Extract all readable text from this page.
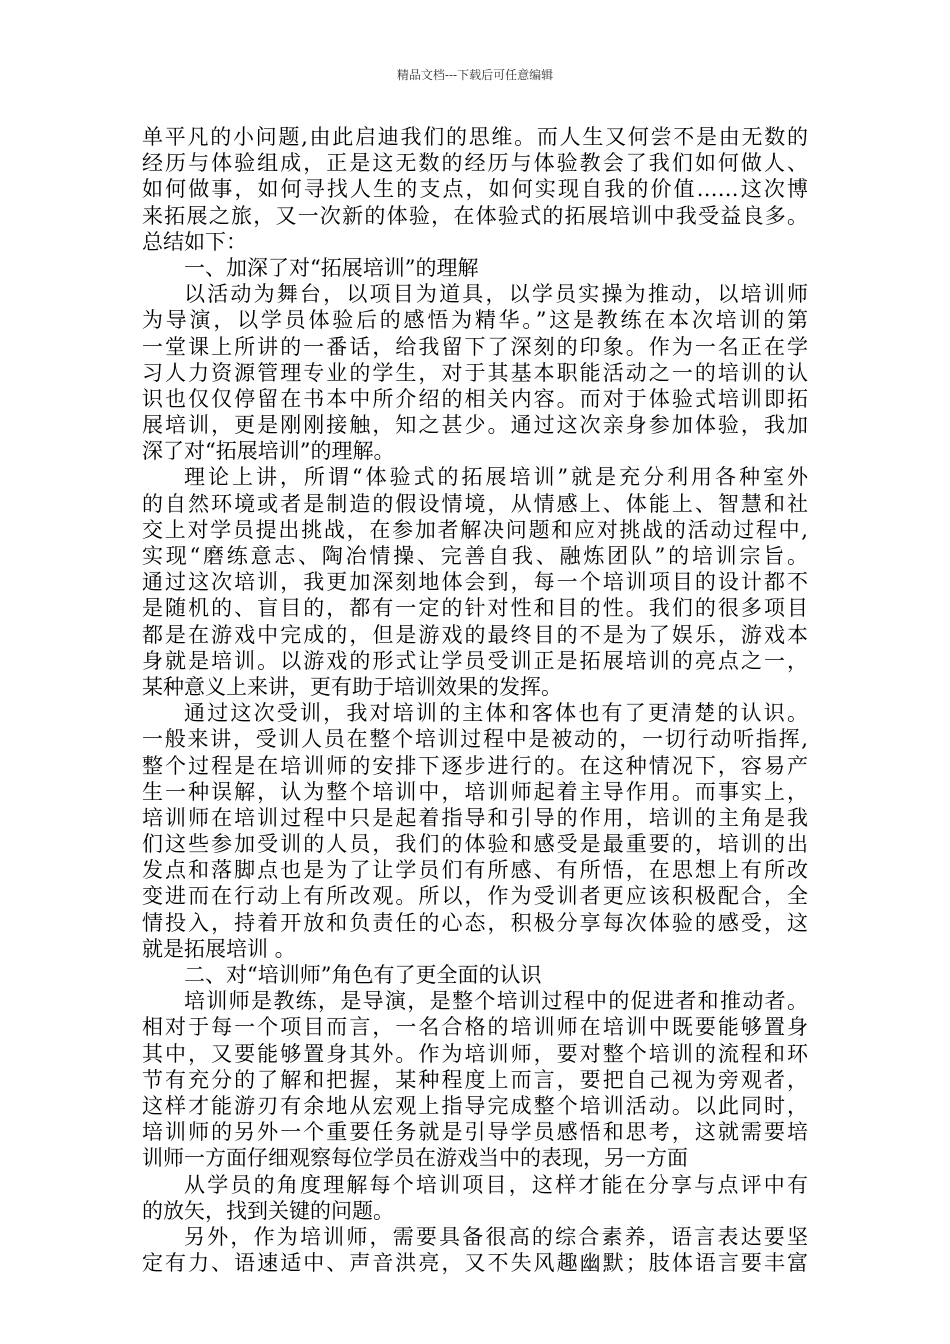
精品文档---下载后可任意编辑
单平凡的小问题,由此启迪我们的思维。而人生又何尝不是由无数的
经历与体验组成，正是这无数的经历与体验教会了我们如何做人、
如何做事，如何寻找人生的支点，如何实现自我的价值……这次博
来拓展之旅，又一次新的体验，在体验式的拓展培训中我受益良多。
总结如下：
一、加深了对“拓展培训”的理解
以活动为舞台，以项目为道具，以学员实操为推动，以培训师
为导演，以学员体验后的感悟为精华。”这是教练在本次培训的第
一堂课上所讲的一番话，给我留下了深刻的印象。作为一名正在学
习人力资源管理专业的学生，对于其基本职能活动之一的培训的认
识也仅仅停留在书本中所介绍的相关内容。而对于体验式培训即拓
展培训，更是刚刚接触，知之甚少。通过这次亲身参加体验，我加
深了对“拓展培训”的理解。
理论上讲，所谓“体验式的拓展培训”就是充分利用各种室外
的自然环境或者是制造的假设情境，从情感上、体能上、智慧和社
交上对学员提出挑战，在参加者解决问题和应对挑战的活动过程中,
实现“磨练意志、陶冶情操、完善自我、融炼团队”的培训宗旨。
通过这次培训，我更加深刻地体会到，每一个培训项目的设计都不
是随机的、盲目的，都有一定的针对性和目的性。我们的很多项目
都是在游戏中完成的，但是游戏的最终目的不是为了娱乐，游戏本
身就是培训。以游戏的形式让学员受训正是拓展培训的亮点之一，
某种意义上来讲，更有助于培训效果的发挥。
通过这次受训，我对培训的主体和客体也有了更清楚的认识。
一般来讲，受训人员在整个培训过程中是被动的，一切行动听指挥,
整个过程是在培训师的安排下逐步进行的。在这种情况下，容易产
生一种误解，认为整个培训中，培训师起着主导作用。而事实上，
培训师在培训过程中只是起着指导和引导的作用，培训的主角是我
们这些参加受训的人员，我们的体验和感受是最重要的，培训的出
发点和落脚点也是为了让学员们有所感、有所悟，在思想上有所改
变进而在行动上有所改观。所以，作为受训者更应该积极配合，全
情投入，持着开放和负责任的心态，积极分享每次体验的感受，这
就是拓展培训 。
二、对“培训师”角色有了更全面的认识
培训师是教练，是导演，是整个培训过程中的促进者和推动者。
相对于每一个项目而言，一名合格的培训师在培训中既要能够置身
其中，又要能够置身其外。作为培训师，要对整个培训的流程和环
节有充分的了解和把握，某种程度上而言，要把自己视为旁观者，
这样才能游刃有余地从宏观上指导完成整个培训活动。以此同时，
培训师的另外一个重要任务就是引导学员感悟和思考，这就需要培
训师一方面仔细观察每位学员在游戏当中的表现，另一方面
从学员的角度理解每个培训项目，这样才能在分享与点评中有
的放矢，找到关键的问题。
另外，作为培训师，需要具备很高的综合素养，语言表达要坚
定有力、语速适中、声音洪亮，又不失风趣幽默；肢体语言要丰富
